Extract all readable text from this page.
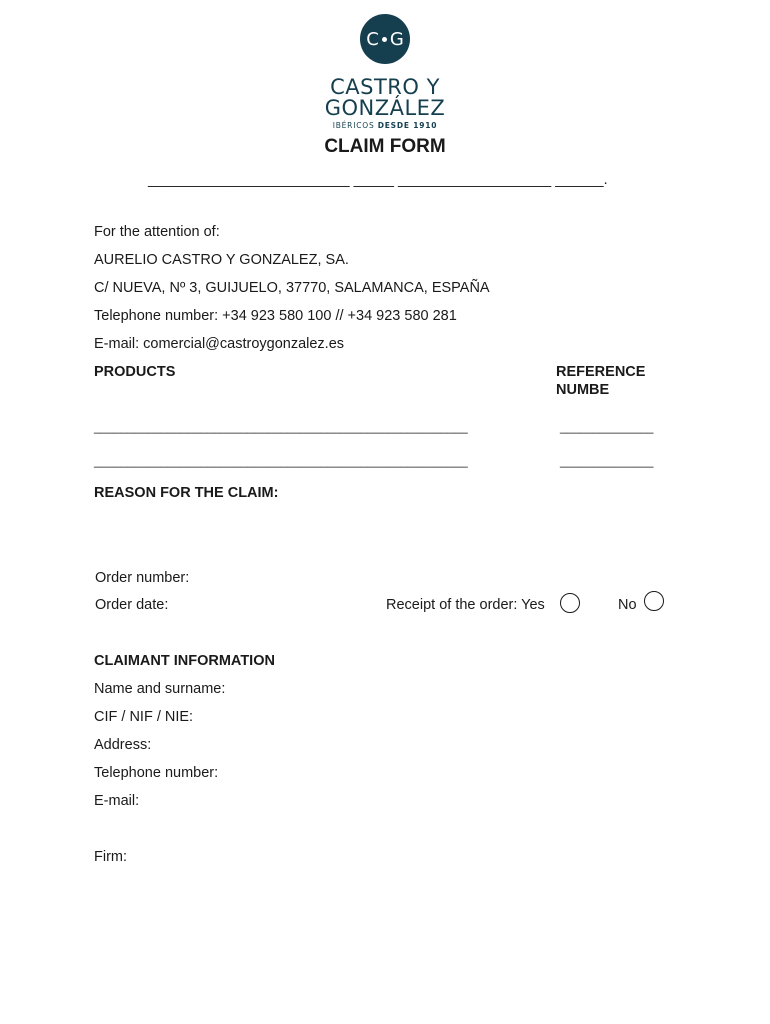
C G
CASTRO Y
GONZÁLEZ
IBÉRICOS DESDE 1910
CLAIM FORM
_________________________ _____ ___________________ ______.
For the attention of:
AURELIO CASTRO Y GONZALEZ, SA.
C/ NUEVA, Nº 3, GUIJUELO, 37770, SALAMANCA, ESPAÑA
Telephone number: +34 923 580 100 // +34 923 580 281
E-mail: comercial@castroygonzalez.es
PRODUCTS	REFERENCE
NUMBE
________________________________________________________	______________
________________________________________________________	______________
REASON FOR THE CLAIM:
Order number:
Order date:	Receipt of the order: Yes	No
CLAIMANT INFORMATION
Name and surname:
CIF / NIF / NIE:
Address:
Telephone number:
E-mail:
Firm:
